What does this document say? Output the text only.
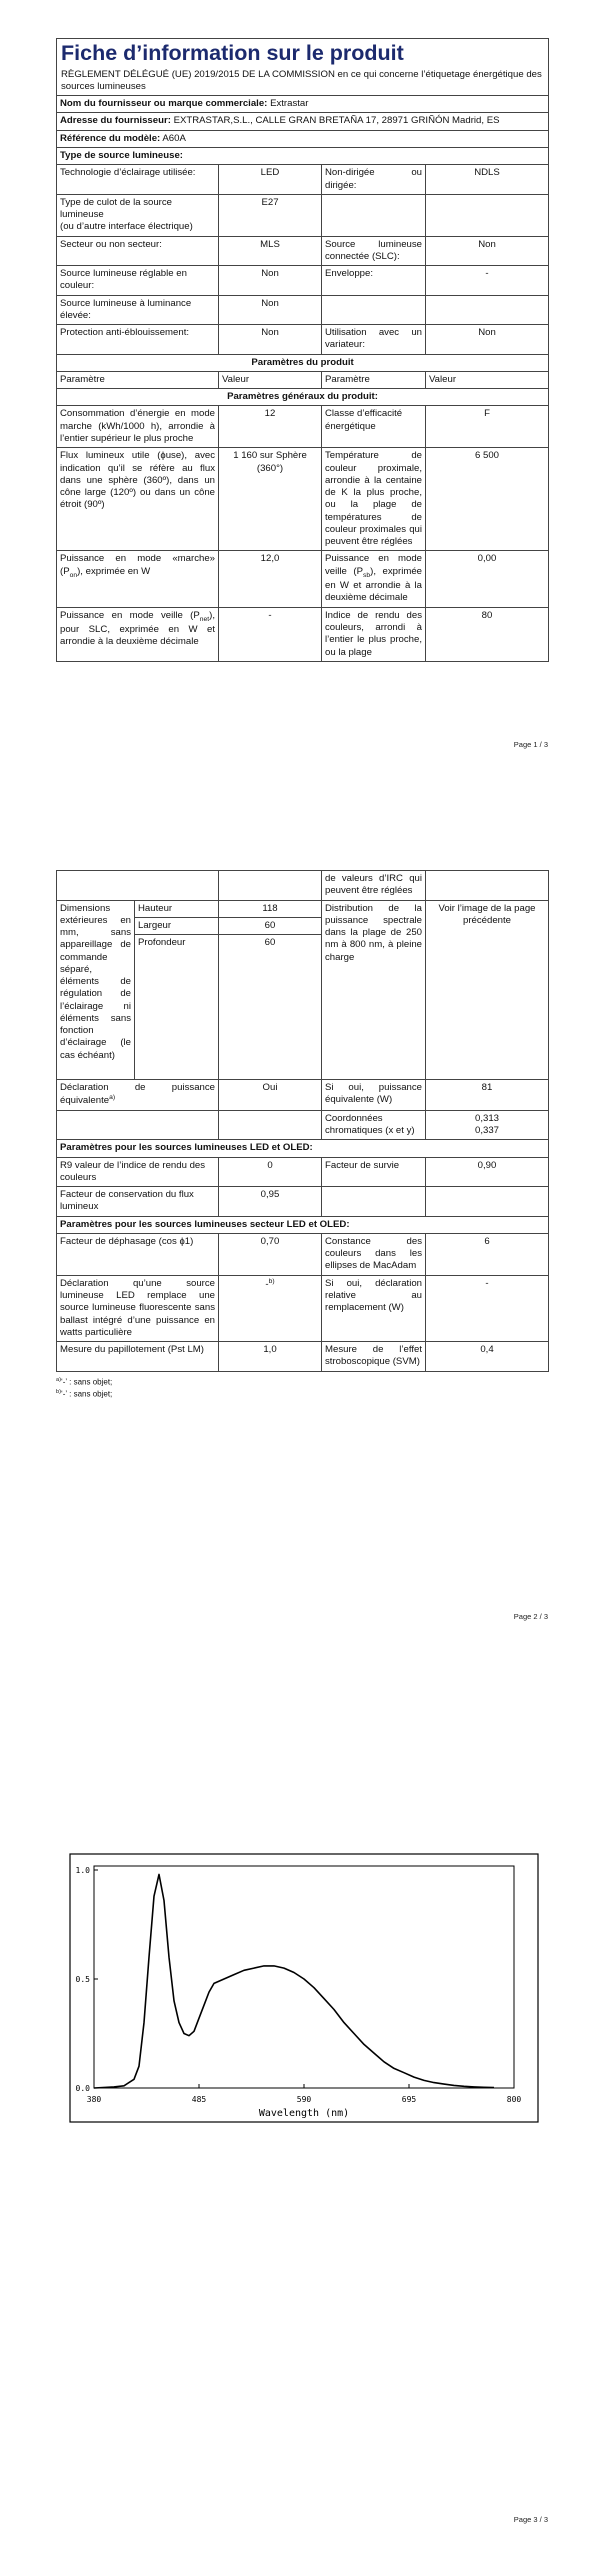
Fiche d’information sur le produit
RÈGLEMENT DÉLÉGUÉ (UE) 2019/2015 DE LA COMMISSION en ce qui concerne l’étiquetage énergétique des sources lumineuses			

Nom du fournisseur ou marque commerciale: Extrastar			
Adresse du fournisseur: EXTRASTAR,S.L., CALLE GRAN BRETAÑA 17, 28971 GRIÑÓN Madrid, ES			
Référence du modèle: A60A			
Type de source lumineuse:			
Technologie d’éclairage utilisée:	LED	Non-dirigée ou dirigée:	NDLS

Type de culot de la source lumineuse
(ou d’autre interface électrique)	E27		
Secteur ou non secteur:	MLS	Source lumineuse connectée (SLC):	Non
Source lumineuse réglable en couleur:	Non	Enveloppe:	-
Source lumineuse à luminance élevée:	Non		
Protection anti-éblouissement:	Non	Utilisation avec un variateur:	Non
Paramètres du produit			
Paramètre	Valeur	Paramètre	Valeur
Paramètres généraux du produit:			
Consommation d’énergie en mode marche (kWh/1000 h), arrondie à l’entier supérieur le plus proche	12	Classe d’efficacité énergétique	F
Flux lumineux utile (ɸuse), avec indication qu’il se réfère au flux dans une sphère (360º), dans un cône large (120º) ou dans un cône étroit (90º)	1 160 sur Sphère (360°)	Température de couleur proximale, arrondie à la centaine de K la plus proche, ou la plage de températures de couleur proximales qui peuvent être réglées	6 500
Puissance en mode «marche» $(P_{on})$, exprimée en W	12,0	Puissance en mode veille $(P_{sb})$, exprimée en W et arrondie à la deuxième décimale	0,00
Puissance en mode veille $(P_{net})$, pour SLC, exprimée en W et arrondie à la deuxième décimale	-	Indice de rendu des couleurs, arrondi à l’entier le plus proche, ou la plage	80
Page 1 / 3
			de valeurs d’IRC qui peuvent être réglées	
Dimensions extérieures en mm, sans appareillage de commande séparé, éléments de régulation de l’éclairage ni éléments sans fonction d’éclairage (le cas échéant)	Hauteur	118	Distribution de la puissance spectrale dans la plage de 250 nm à 800 nm, à pleine charge	Voir l’image de la page précédente
	Largeur	60		
	Profondeur	60		
Déclaration de puissance équivalente$^{a)}$		Oui	Si oui, puissance équivalente (W)	81
			Coordonnées chromatiques (x et y)	0,313
0,337

Paramètres pour les sources lumineuses LED et OLED:				
R9 valeur de l’indice de rendu des couleurs		0	Facteur de survie	0,90
Facteur de conservation du flux lumineux		0,95		
Paramètres pour les sources lumineuses secteur LED et OLED:				
Facteur de déphasage (cos ɸ1)		0,70	Constance des couleurs dans les ellipses de MacAdam	6
Déclaration qu’une source lumineuse LED remplace une source lumineuse fluorescente sans ballast intégré d’une puissance en watts particulière		-$^{b)}$	Si oui, déclaration relative au remplacement (W)	-
Mesure du papillotement (Pst LM)		1,0	Mesure de l’effet stroboscopique (SVM)	0,4
$^{a)}$‘-’ : sans objet;
$^{b)}$‘-’ : sans objet;
Page 2 / 3
380	485	590	695	800
0.0
0.5
1.0
Wavelength (nm)
Page 3 / 3
